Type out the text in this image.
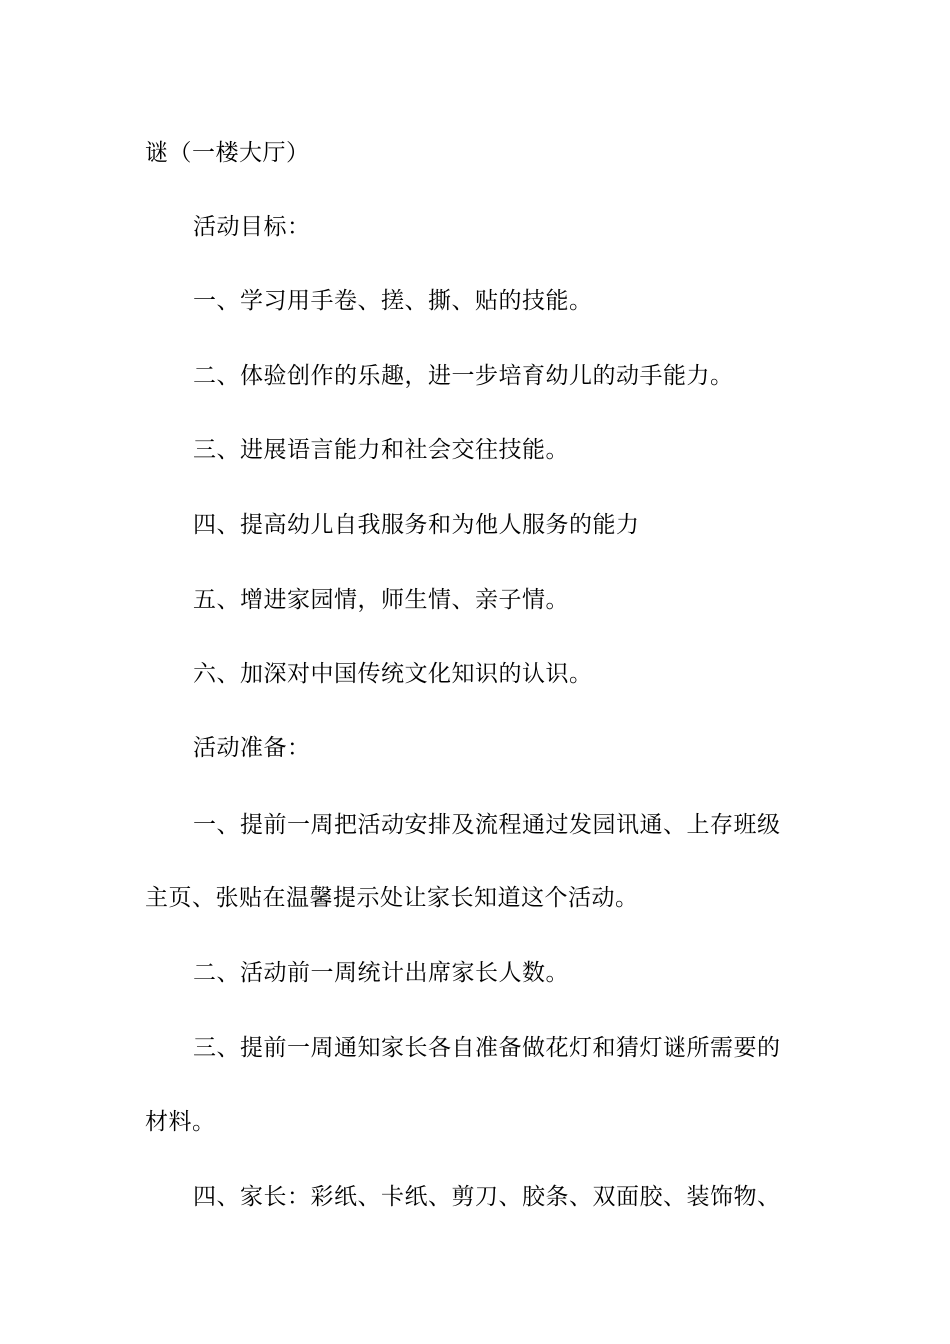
谜（一楼大厅）
活动目标：
一、学习用手卷、搓、撕、贴的技能。
二、体验创作的乐趣，进一步培育幼儿的动手能力。
三、进展语言能力和社会交往技能。
四、提高幼儿自我服务和为他人服务的能力
五、增进家园情，师生情、亲子情。
六、加深对中国传统文化知识的认识。
活动准备：
一、提前一周把活动安排及流程通过发园讯通、上存班级
主页、张贴在温馨提示处让家长知道这个活动。
二、活动前一周统计出席家长人数。
三、提前一周通知家长各自准备做花灯和猜灯谜所需要的
材料。
四、家长：彩纸、卡纸、剪刀、胶条、双面胶、装饰物、
